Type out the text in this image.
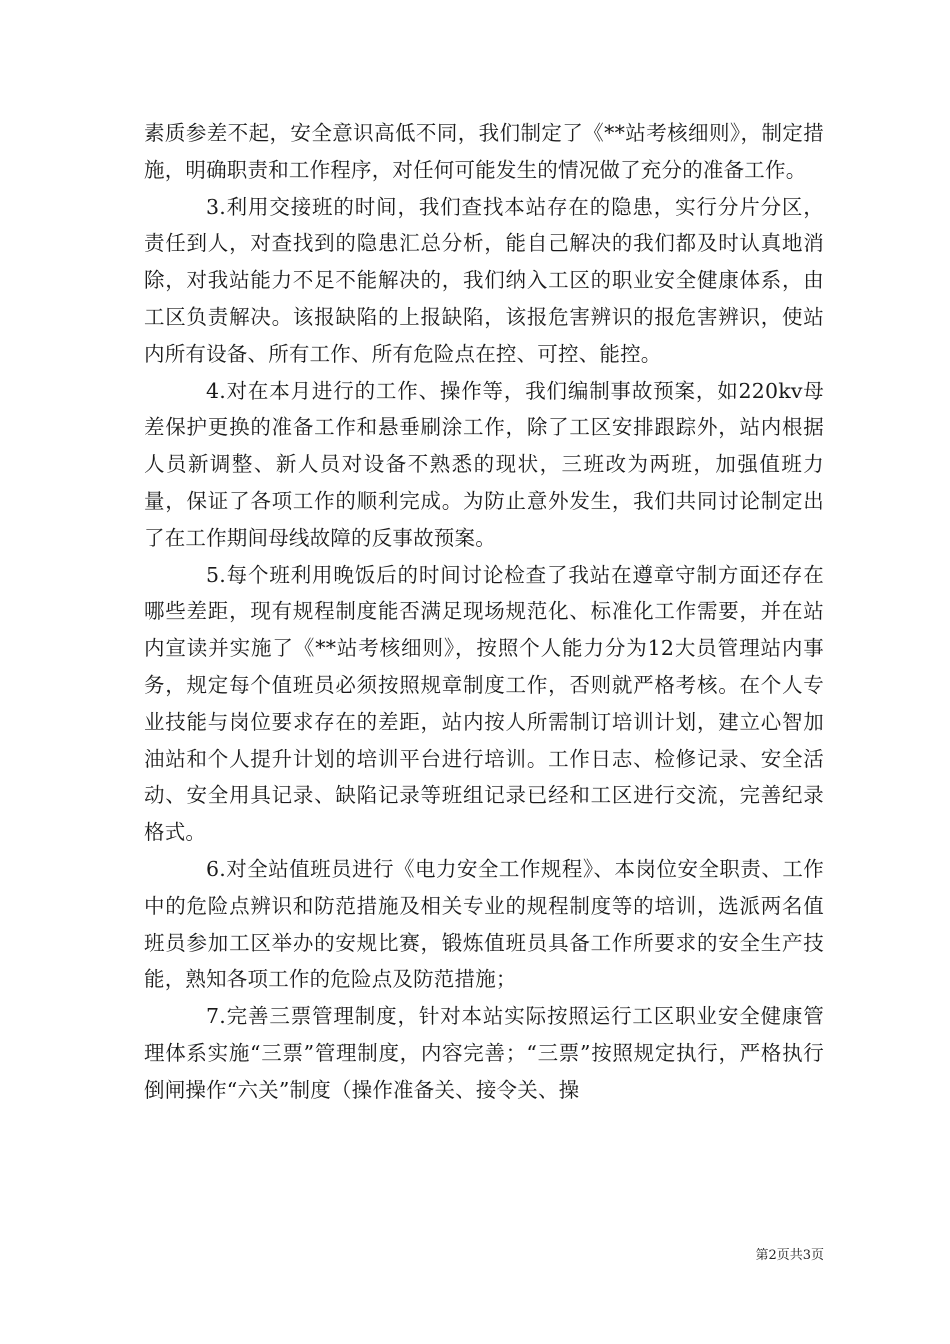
素质参差不起，安全意识高低不同，我们制定了《**站考核细则》，制定措施，明确职责和工作程序，对任何可能发生的情况做了充分的准备工作。

3.利用交接班的时间，我们查找本站存在的隐患，实行分片分区，责任到人，对查找到的隐患汇总分析，能自己解决的我们都及时认真地消除，对我站能力不足不能解决的，我们纳入工区的职业安全健康体系，由工区负责解决。该报缺陷的上报缺陷，该报危害辨识的报危害辨识，使站内所有设备、所有工作、所有危险点在控、可控、能控。

4.对在本月进行的工作、操作等，我们编制事故预案，如220kv母差保护更换的准备工作和悬垂刷涂工作，除了工区安排跟踪外，站内根据人员新调整、新人员对设备不熟悉的现状，三班改为两班，加强值班力量，保证了各项工作的顺利完成。为防止意外发生，我们共同讨论制定出了在工作期间母线故障的反事故预案。

5.每个班利用晚饭后的时间讨论检查了我站在遵章守制方面还存在哪些差距，现有规程制度能否满足现场规范化、标准化工作需要，并在站内宣读并实施了《**站考核细则》，按照个人能力分为12大员管理站内事务，规定每个值班员必须按照规章制度工作，否则就严格考核。在个人专业技能与岗位要求存在的差距，站内按人所需制订培训计划，建立心智加油站和个人提升计划的培训平台进行培训。工作日志、检修记录、安全活动、安全用具记录、缺陷记录等班组记录已经和工区进行交流，完善纪录格式。

6.对全站值班员进行《电力安全工作规程》、本岗位安全职责、工作中的危险点辨识和防范措施及相关专业的规程制度等的培训，选派两名值班员参加工区举办的安规比赛，锻炼值班员具备工作所要求的安全生产技能，熟知各项工作的危险点及防范措施；

7.完善三票管理制度，针对本站实际按照运行工区职业安全健康管理体系实施“三票”管理制度，内容完善；“三票”按照规定执行，严格执行倒闸操作“六关”制度（操作准备关、接令关、操

第2页共3页
